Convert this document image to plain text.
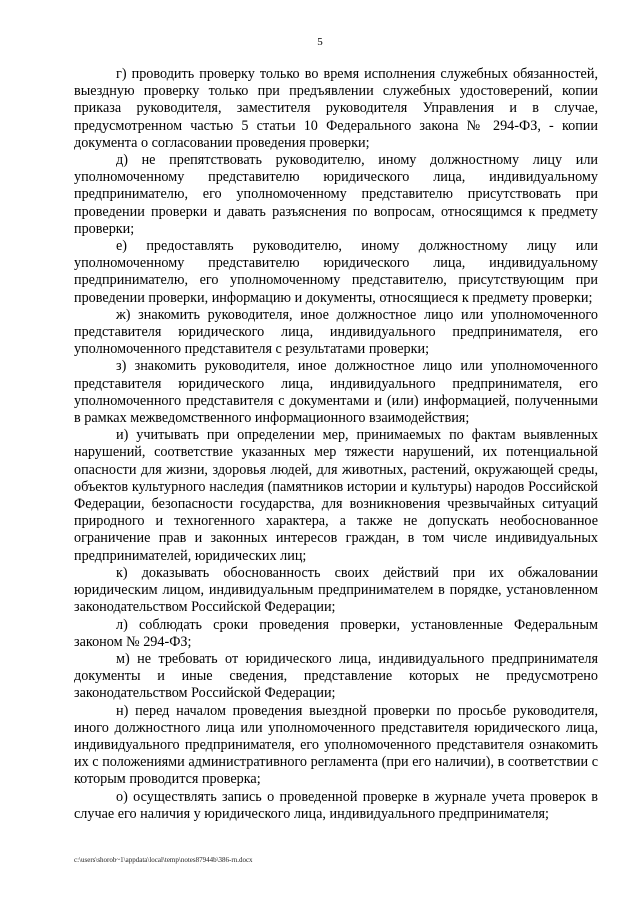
5

г) проводить проверку только во время исполнения служебных обязанностей, выездную проверку только при предъявлении служебных удостоверений, копии приказа руководителя, заместителя руководителя Управления и в случае, предусмотренном частью 5 статьи 10 Федерального закона № 294-ФЗ, - копии документа о согласовании проведения проверки;

д) не препятствовать руководителю, иному должностному лицу или уполномоченному представителю юридического лица, индивидуальному предпринимателю, его уполномоченному представителю присутствовать при проведении проверки и давать разъяснения по вопросам, относящимся к предмету проверки;

е) предоставлять руководителю, иному должностному лицу или уполномоченному представителю юридического лица, индивидуальному предпринимателю, его уполномоченному представителю, присутствующим при проведении проверки, информацию и документы, относящиеся к предмету проверки;

ж) знакомить руководителя, иное должностное лицо или уполномоченного представителя юридического лица, индивидуального предпринимателя, его уполномоченного представителя с результатами проверки;

з) знакомить руководителя, иное должностное лицо или уполномоченного представителя юридического лица, индивидуального предпринимателя, его уполномоченного представителя с документами и (или) информацией, полученными в рамках межведомственного информационного взаимодействия;

и) учитывать при определении мер, принимаемых по фактам выявленных нарушений, соответствие указанных мер тяжести нарушений, их потенциальной опасности для жизни, здоровья людей, для животных, растений, окружающей среды, объектов культурного наследия (памятников истории и культуры) народов Российской Федерации, безопасности государства, для возникновения чрезвычайных ситуаций природного и техногенного характера, а также не допускать необоснованное ограничение прав и законных интересов граждан, в том числе индивидуальных предпринимателей, юридических лиц;

к) доказывать обоснованность своих действий при их обжаловании юридическим лицом, индивидуальным предпринимателем в порядке, установленном законодательством Российской Федерации;

л) соблюдать сроки проведения проверки, установленные Федеральным законом № 294-ФЗ;

м) не требовать от юридического лица, индивидуального предпринимателя документы и иные сведения, представление которых не предусмотрено законодательством Российской Федерации;

н) перед началом проведения выездной проверки по просьбе руководителя, иного должностного лица или уполномоченного представителя юридического лица, индивидуального предпринимателя, его уполномоченного представителя ознакомить их с положениями административного регламента (при его наличии), в соответствии с которым проводится проверка;

о) осуществлять запись о проведенной проверке в журнале учета проверок в случае его наличия у юридического лица, индивидуального предпринимателя;

c:\users\shorob~1\appdata\local\temp\notes87944b\386-rn.docx
